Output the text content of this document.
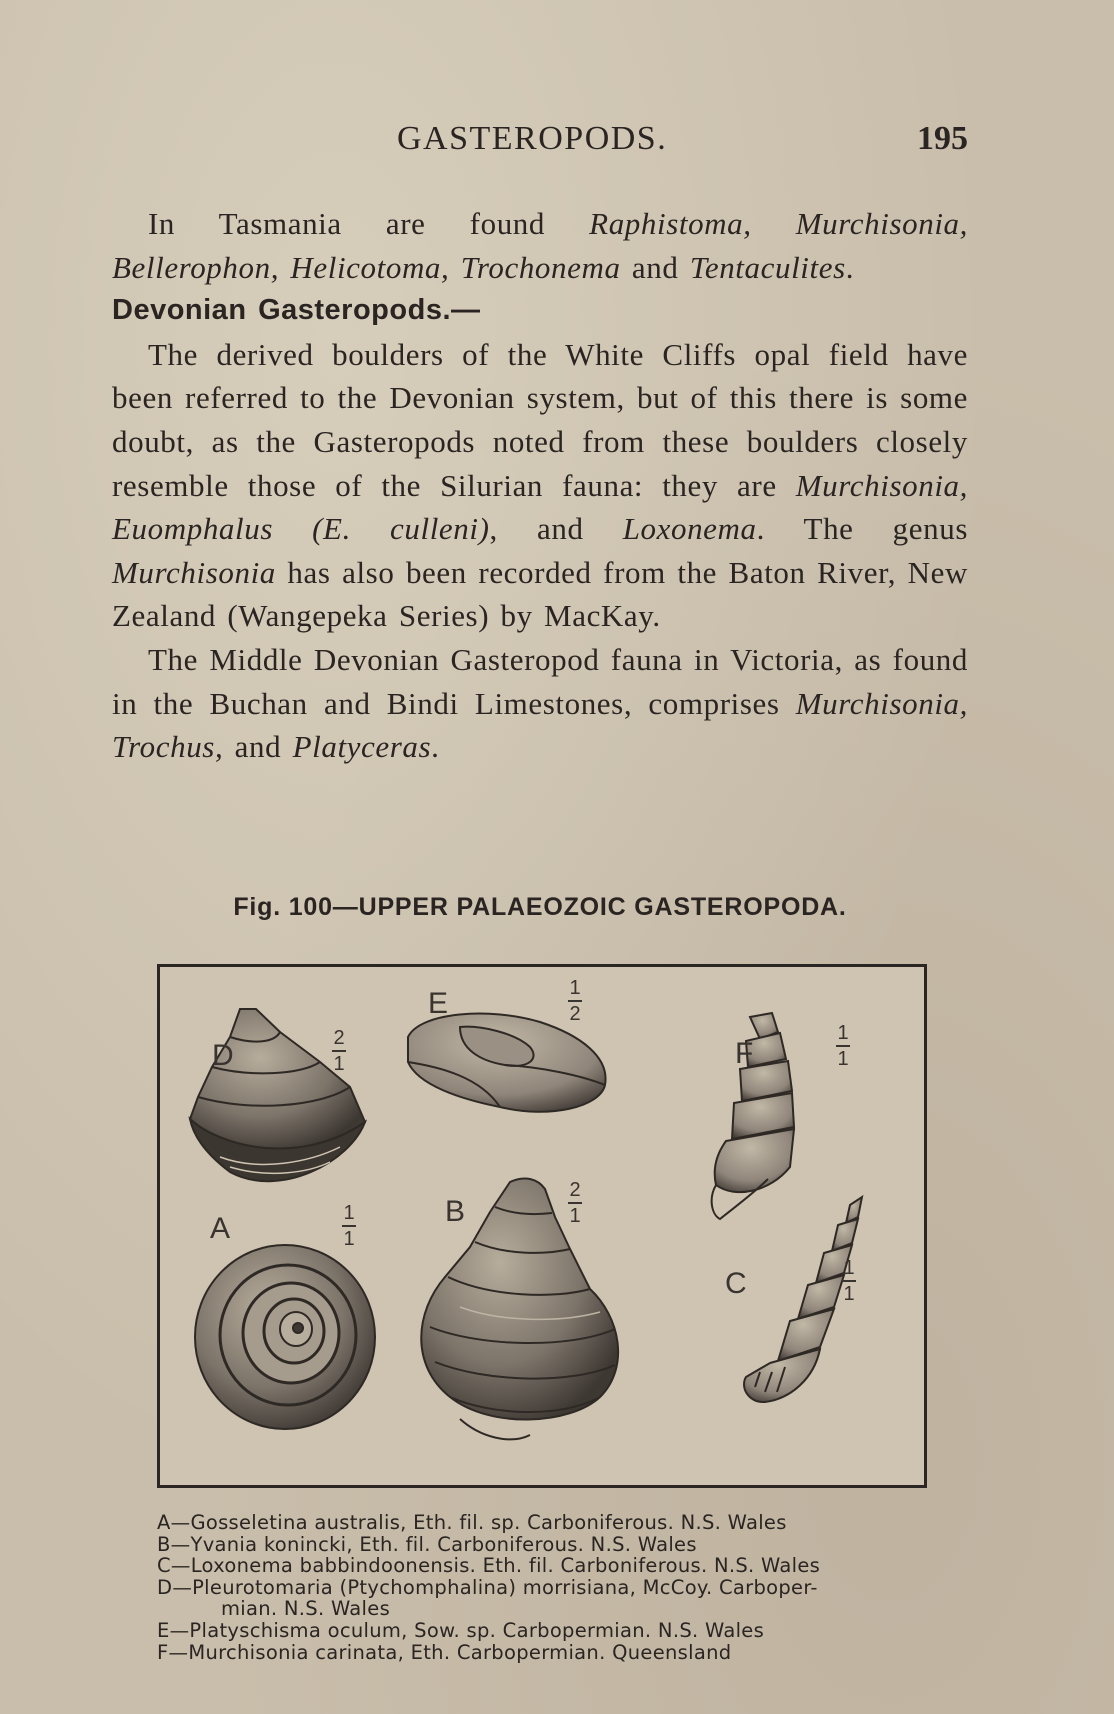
GASTEROPODS.	195

In Tasmania are found Raphistoma, Murchisonia, Bellerophon, Helicotoma, Trochonema and Tentaculites.

Devonian Gasteropods.—

The derived boulders of the White Cliffs opal field have been referred to the Devonian system, but of this there is some doubt, as the Gasteropods noted from these boulders closely resemble those of the Silurian fauna: they are Murchisonia, Euomphalus (E. culleni), and Loxonema. The genus Murchisonia has also been recorded from the Baton River, New Zealand (Wangepeka Series) by MacKay.

The Middle Devonian Gasteropod fauna in Victoria, as found in the Buchan and Bindi Limestones, comprises Murchisonia, Trochus, and Platyceras.

Fig. 100—UPPER PALAEOZOIC GASTEROPODA.
D
E
F
A
B
C
2

1
1

2
1

1
1

1
2

1
1

1

A—Gosseletina australis, Eth. fil. sp. Carboniferous. N.S. Wales

B—Yvania konincki, Eth. fil. Carboniferous. N.S. Wales

C—Loxonema babbindoonensis. Eth. fil. Carboniferous. N.S. Wales

D—Pleurotomaria (Ptychomphalina) morrisiana, McCoy. Carboper-

mian. N.S. Wales

E—Platyschisma oculum, Sow. sp. Carbopermian. N.S. Wales

F—Murchisonia carinata, Eth. Carbopermian. Queensland
